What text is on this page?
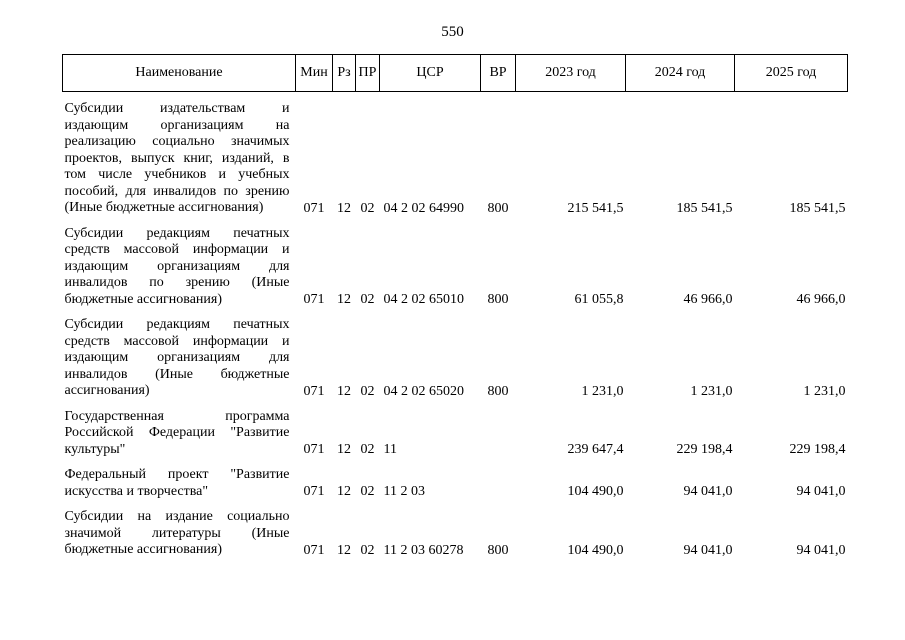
550
Наименование	Мин	Рз	ПР	ЦСР	ВР	2023 год	2024 год	2025 год
Субсидии издательствам и издающим организациям на реализацию социально значимых проектов, выпуск книг, изданий, в том числе учебников и учебных пособий, для инвалидов по зрению (Иные бюджетные ассигнования)	071	12	02	04 2 02 64990	800	215 541,5	185 541,5	185 541,5
Субсидии редакциям печатных средств массовой информации и издающим организациям для инвалидов по зрению (Иные бюджетные ассигнования)	071	12	02	04 2 02 65010	800	61 055,8	46 966,0	46 966,0
Субсидии редакциям печатных средств массовой информации и издающим организациям для инвалидов (Иные бюджетные ассигнования)	071	12	02	04 2 02 65020	800	1 231,0	1 231,0	1 231,0
Государственная программа Российской Федерации "Развитие культуры"	071	12	02	11		239 647,4	229 198,4	229 198,4
Федеральный проект "Развитие искусства и творчества"	071	12	02	11 2 03		104 490,0	94 041,0	94 041,0
Субсидии на издание социально значимой литературы (Иные бюджетные ассигнования)	071	12	02	11 2 03 60278	800	104 490,0	94 041,0	94 041,0
